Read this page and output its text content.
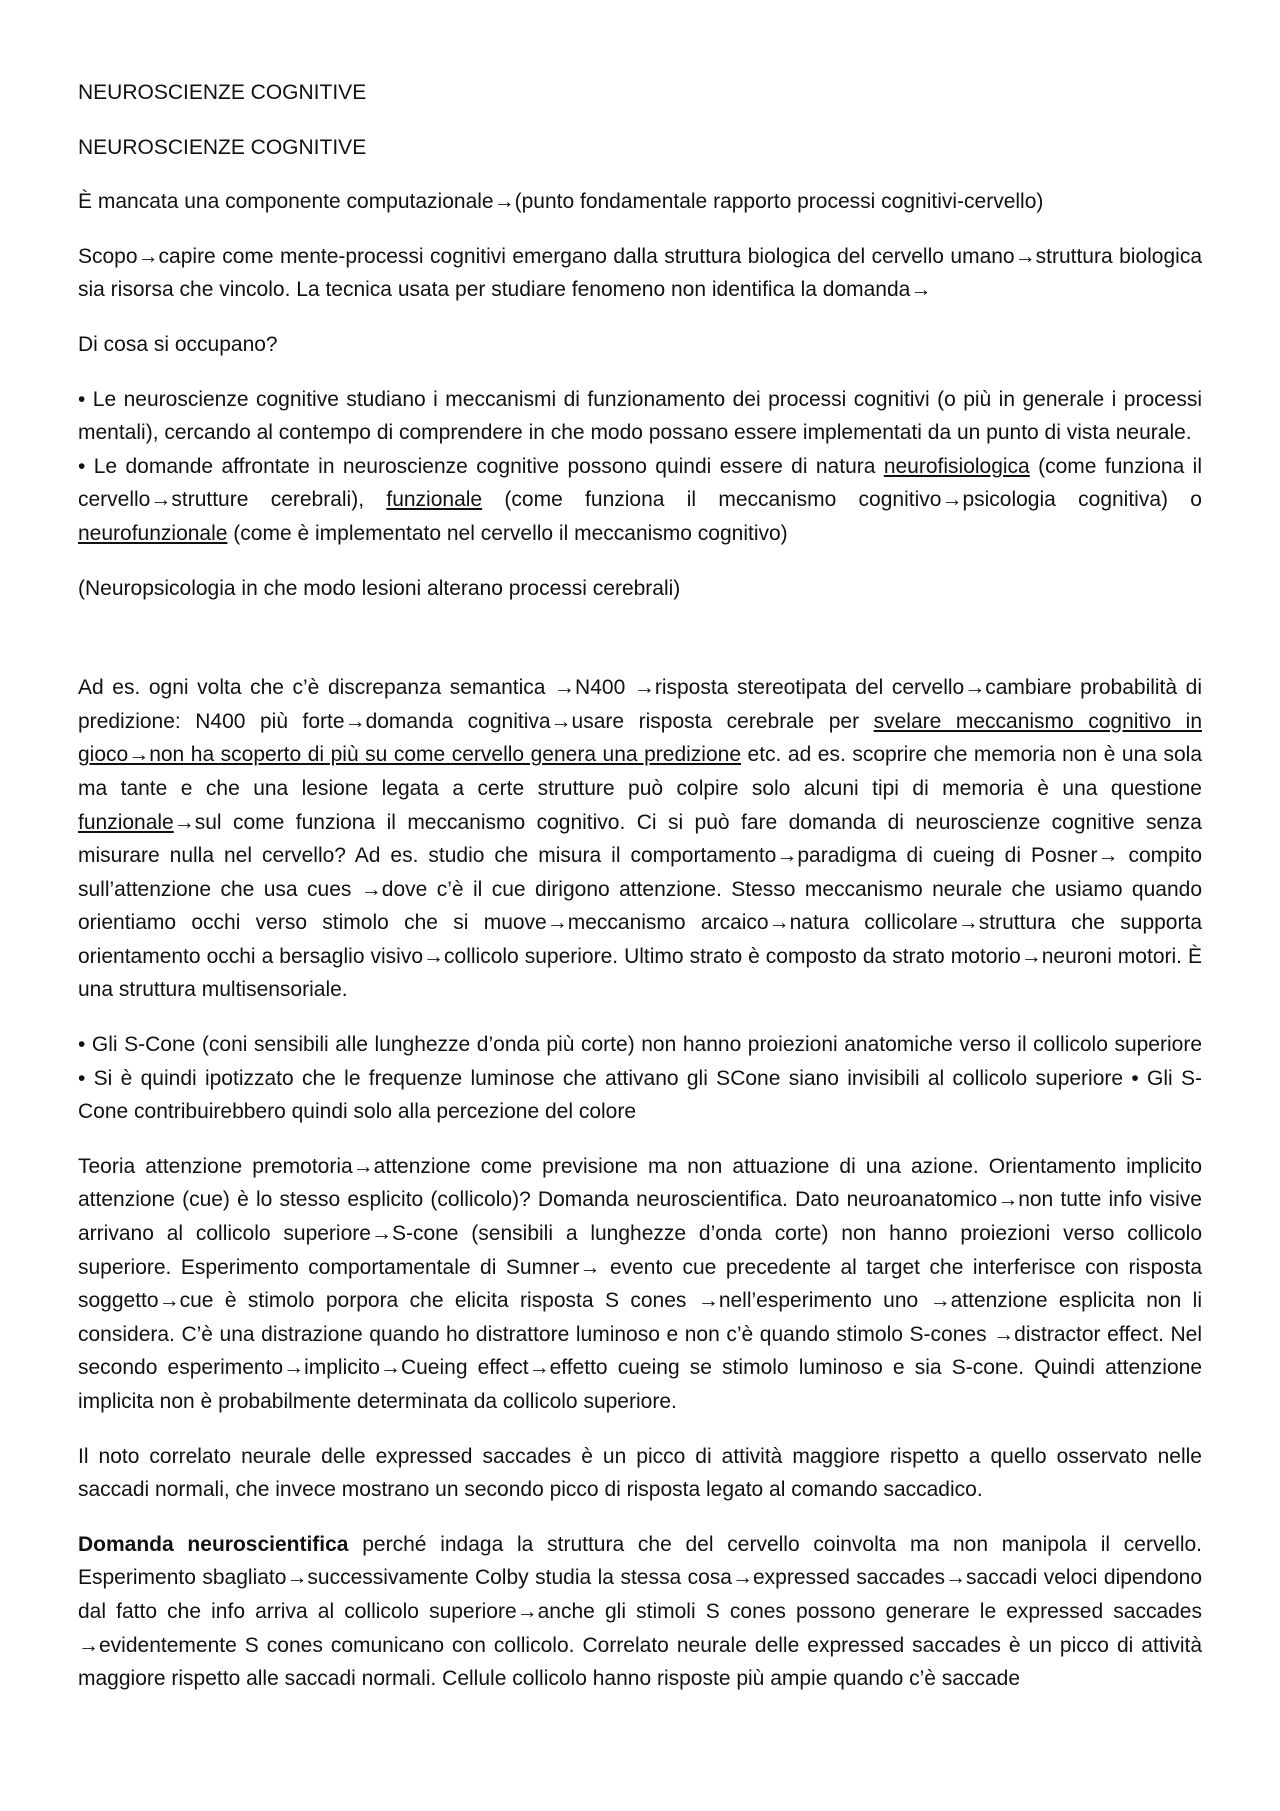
NEUROSCIENZE COGNITIVE

NEUROSCIENZE COGNITIVE

È mancata una componente computazionale→(punto fondamentale rapporto processi cognitivi-cervello)

Scopo→capire come mente-processi cognitivi emergano dalla struttura biologica del cervello umano→struttura biologica sia risorsa che vincolo. La tecnica usata per studiare fenomeno non identifica la domanda→

Di cosa si occupano?

• Le neuroscienze cognitive studiano i meccanismi di funzionamento dei processi cognitivi (o più in generale i processi mentali), cercando al contempo di comprendere in che modo possano essere implementati da un punto di vista neurale.
• Le domande affrontate in neuroscienze cognitive possono quindi essere di natura neurofisiologica (come funziona il cervello→strutture cerebrali), funzionale (come funziona il meccanismo cognitivo→psicologia cognitiva) o neurofunzionale (come è implementato nel cervello il meccanismo cognitivo)

(Neuropsicologia in che modo lesioni alterano processi cerebrali)

Ad es. ogni volta che c’è discrepanza semantica →N400 →risposta stereotipata del cervello→cambiare probabilità di predizione: N400 più forte→domanda cognitiva→usare risposta cerebrale per svelare meccanismo cognitivo in gioco→non ha scoperto di più su come cervello genera una predizione etc. ad es. scoprire che memoria non è una sola ma tante e che una lesione legata a certe strutture può colpire solo alcuni tipi di memoria è una questione funzionale→sul come funziona il meccanismo cognitivo. Ci si può fare domanda di neuroscienze cognitive senza misurare nulla nel cervello? Ad es. studio che misura il comportamento→paradigma di cueing di Posner→ compito sull’attenzione che usa cues →dove c’è il cue dirigono attenzione. Stesso meccanismo neurale che usiamo quando orientiamo occhi verso stimolo che si muove→meccanismo arcaico→natura collicolare→struttura che supporta orientamento occhi a bersaglio visivo→collicolo superiore. Ultimo strato è composto da strato motorio→neuroni motori. È una struttura multisensoriale.

• Gli S-Cone (coni sensibili alle lunghezze d’onda più corte) non hanno proiezioni anatomiche verso il collicolo superiore • Si è quindi ipotizzato che le frequenze luminose che attivano gli SCone siano invisibili al collicolo superiore • Gli S-Cone contribuirebbero quindi solo alla percezione del colore

Teoria attenzione premotoria→attenzione come previsione ma non attuazione di una azione. Orientamento implicito attenzione (cue) è lo stesso esplicito (collicolo)? Domanda neuroscientifica. Dato neuroanatomico→non tutte info visive arrivano al collicolo superiore→S-cone (sensibili a lunghezze d’onda corte) non hanno proiezioni verso collicolo superiore. Esperimento comportamentale di Sumner→ evento cue precedente al target che interferisce con risposta soggetto→cue è stimolo porpora che elicita risposta S cones →nell’esperimento uno →attenzione esplicita non li considera. C’è una distrazione quando ho distrattore luminoso e non c’è quando stimolo S-cones →distractor effect. Nel secondo esperimento→implicito→Cueing effect→effetto cueing se stimolo luminoso e sia S-cone. Quindi attenzione implicita non è probabilmente determinata da collicolo superiore.

Il noto correlato neurale delle expressed saccades è un picco di attività maggiore rispetto a quello osservato nelle saccadi normali, che invece mostrano un secondo picco di risposta legato al comando saccadico.

Domanda neuroscientifica perché indaga la struttura che del cervello coinvolta ma non manipola il cervello. Esperimento sbagliato→successivamente Colby studia la stessa cosa→expressed saccades→saccadi veloci dipendono dal fatto che info arriva al collicolo superiore→anche gli stimoli S cones possono generare le expressed saccades →evidentemente S cones comunicano con collicolo. Correlato neurale delle expressed saccades è un picco di attività maggiore rispetto alle saccadi normali. Cellule collicolo hanno risposte più ampie quando c’è saccade
